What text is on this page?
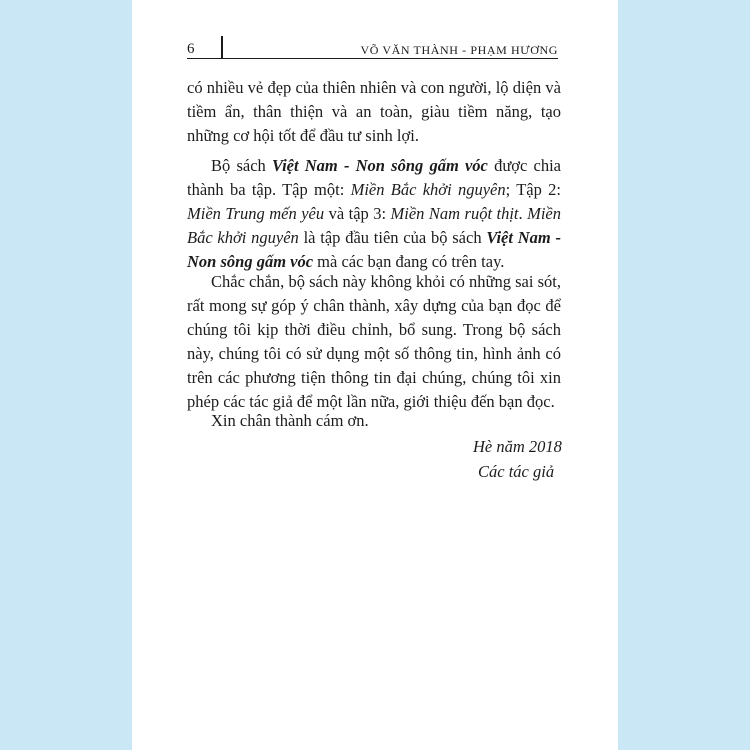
6	VÕ VĂN THÀNH - PHẠM HƯƠNG

có nhiều vẻ đẹp của thiên nhiên và con người, lộ diện và tiềm ẩn, thân thiện và an toàn, giàu tiềm năng, tạo những cơ hội tốt để đầu tư sinh lợi.

Bộ sách Việt Nam - Non sông gấm vóc được chia thành ba tập. Tập một: Miền Bắc khởi nguyên; Tập 2: Miền Trung mến yêu và tập 3: Miền Nam ruột thịt. Miền Bắc khởi nguyên là tập đầu tiên của bộ sách Việt Nam - Non sông gấm vóc mà các bạn đang có trên tay.

Chắc chắn, bộ sách này không khỏi có những sai sót, rất mong sự góp ý chân thành, xây dựng của bạn đọc để chúng tôi kịp thời điều chỉnh, bổ sung. Trong bộ sách này, chúng tôi có sử dụng một số thông tin, hình ảnh có trên các phương tiện thông tin đại chúng, chúng tôi xin phép các tác giả để một lần nữa, giới thiệu đến bạn đọc.

Xin chân thành cám ơn.

Hè năm 2018
Các tác giả
